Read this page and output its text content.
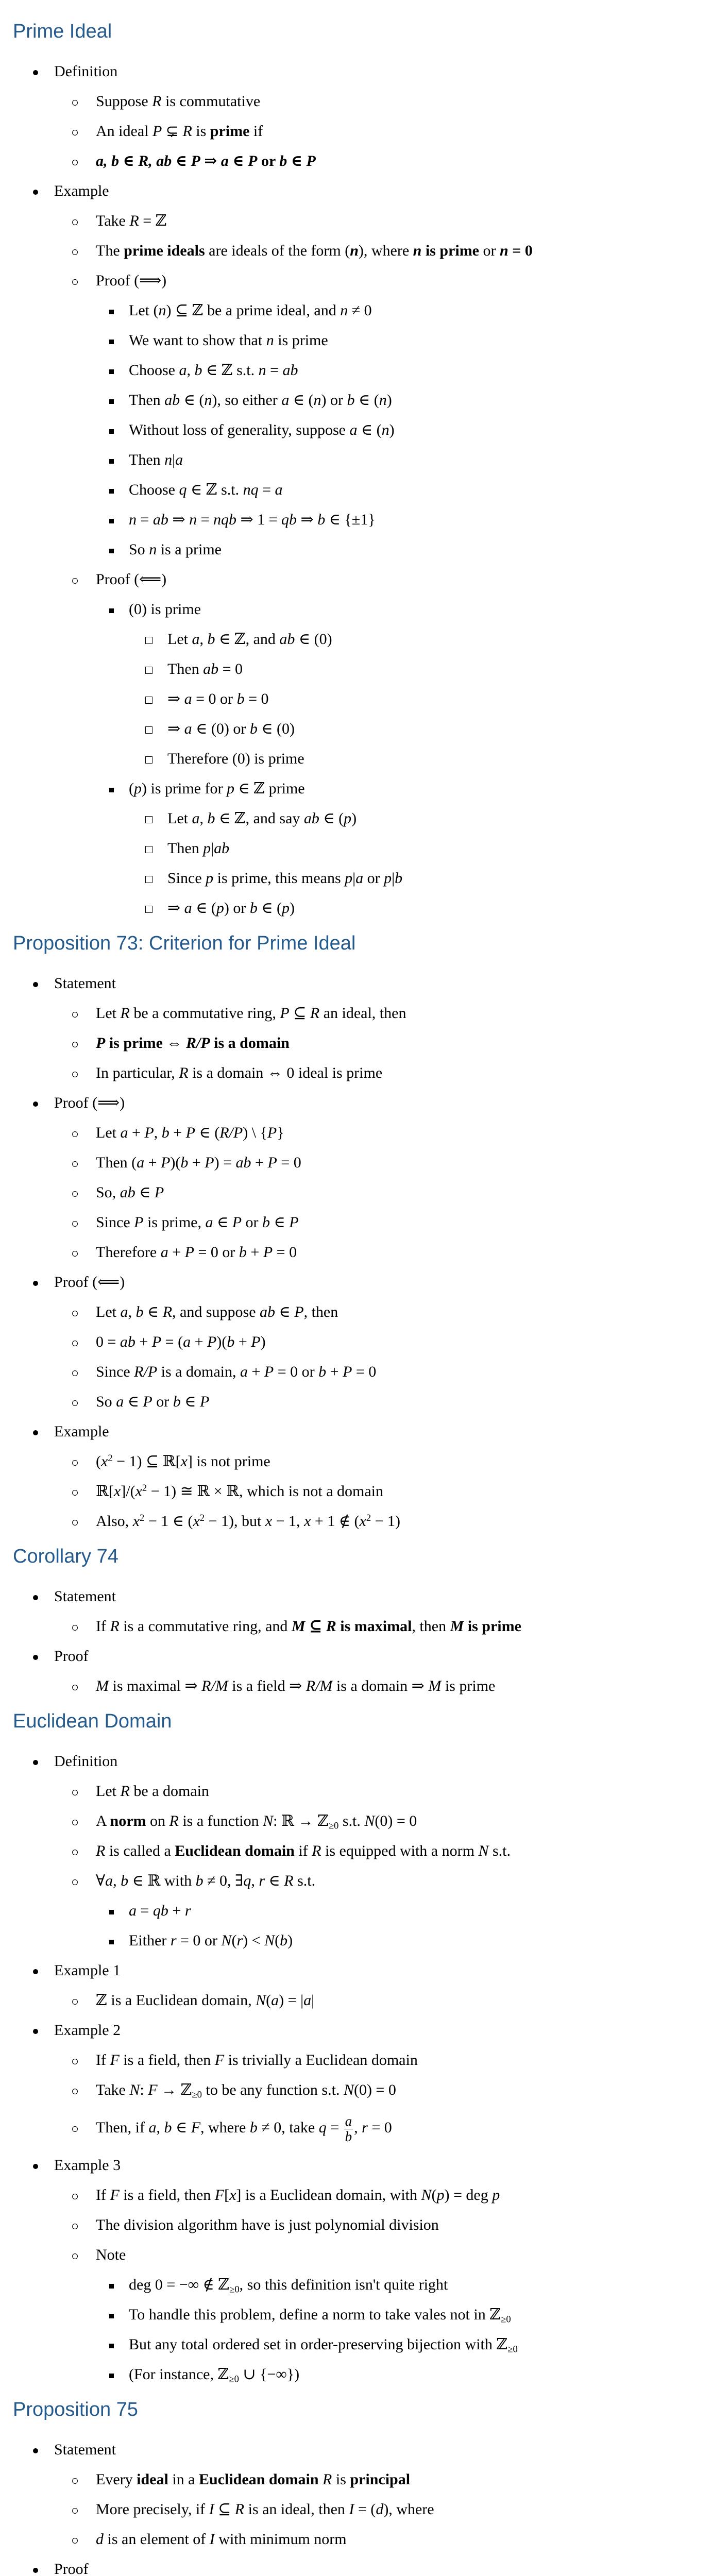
Prime Ideal
Definition
Suppose R is commutative
An ideal P ⊊ R is prime if
a, b ∈ R, ab ∈ P ⇒ a ∈ P or b ∈ P
Example
Take R = ℤ
The prime ideals are ideals of the form (n), where n is prime or n = 0
Proof (⟹)
Let (n) ⊆ ℤ be a prime ideal, and n ≠ 0
We want to show that n is prime
Choose a, b ∈ ℤ s.t. n = ab
Then ab ∈ (n), so either a ∈ (n) or b ∈ (n)
Without loss of generality, suppose a ∈ (n)
Then n|a
Choose q ∈ ℤ s.t. nq = a
n = ab ⇒ n = nqb ⇒ 1 = qb ⇒ b ∈ {±1}
So n is a prime
Proof (⟸)
(0) is prime
Let a, b ∈ ℤ, and ab ∈ (0)
Then ab = 0
⇒ a = 0 or b = 0
⇒ a ∈ (0) or b ∈ (0)
Therefore (0) is prime
(p) is prime for p ∈ ℤ prime
Let a, b ∈ ℤ, and say ab ∈ (p)
Then p|ab
Since p is prime, this means p|a or p|b
⇒ a ∈ (p) or b ∈ (p)
Proposition 73: Criterion for Prime Ideal
Statement
Let R be a commutative ring, P ⊆ R an ideal, then
P is prime ⇔ R/P is a domain
In particular, R is a domain ⇔ 0 ideal is prime
Proof (⟹)
Let a + P, b + P ∈ (R/P) \ {P}
Then (a + P)(b + P) = ab + P = 0
So, ab ∈ P
Since P is prime, a ∈ P or b ∈ P
Therefore a + P = 0 or b + P = 0
Proof (⟸)
Let a, b ∈ R, and suppose ab ∈ P, then
0 = ab + P = (a + P)(b + P)
Since R/P is a domain, a + P = 0 or b + P = 0
So a ∈ P or b ∈ P
Example
$(x^2 - 1)$ ⊆ ℝ[x] is not prime
$ℝ[x]/(x^2 - 1)$ ≅ ℝ × ℝ, which is not a domain
Also, $x^2 - 1$ ∈ $(x^2 - 1)$, but x − 1, x + 1 ∉ $(x^2 - 1)$
Corollary 74
Statement
If R is a commutative ring, and M ⊆ R is maximal, then M is prime
Proof
M is maximal ⇒ R/M is a field ⇒ R/M is a domain ⇒ M is prime
Euclidean Domain
Definition
Let R be a domain
A norm on R is a function N: ℝ → ℤ≥0 s.t. N(0) = 0
R is called a Euclidean domain if R is equipped with a norm N s.t.
∀a, b ∈ ℝ with b ≠ 0, ∃q, r ∈ R s.t.
a = qb + r
Either r = 0 or N(r) < N(b)
Example 1
ℤ is a Euclidean domain, N(a) = |a|
Example 2
If F is a field, then F is trivially a Euclidean domain
Take N: F → ℤ≥0 to be any function s.t. N(0) = 0
Then, if a, b ∈ F, where b ≠ 0, take $q = \frac{a}{b}$ , r = 0
Example 3
If F is a field, then F[x] is a Euclidean domain, with N(p) = deg p
The division algorithm have is just polynomial division
Note
deg 0 = −∞ ∉ ℤ≥0, so this definition isn't quite right
To handle this problem, define a norm to take vales not in ℤ≥0
But any total ordered set in order-preserving bijection with ℤ≥0
(For instance, ℤ≥0 ∪ {−∞})
Proposition 75
Statement
Every ideal in a Euclidean domain R is principal
More precisely, if I ⊆ R is an ideal, then I = (d), where
d is an element of I with minimum norm
Proof
